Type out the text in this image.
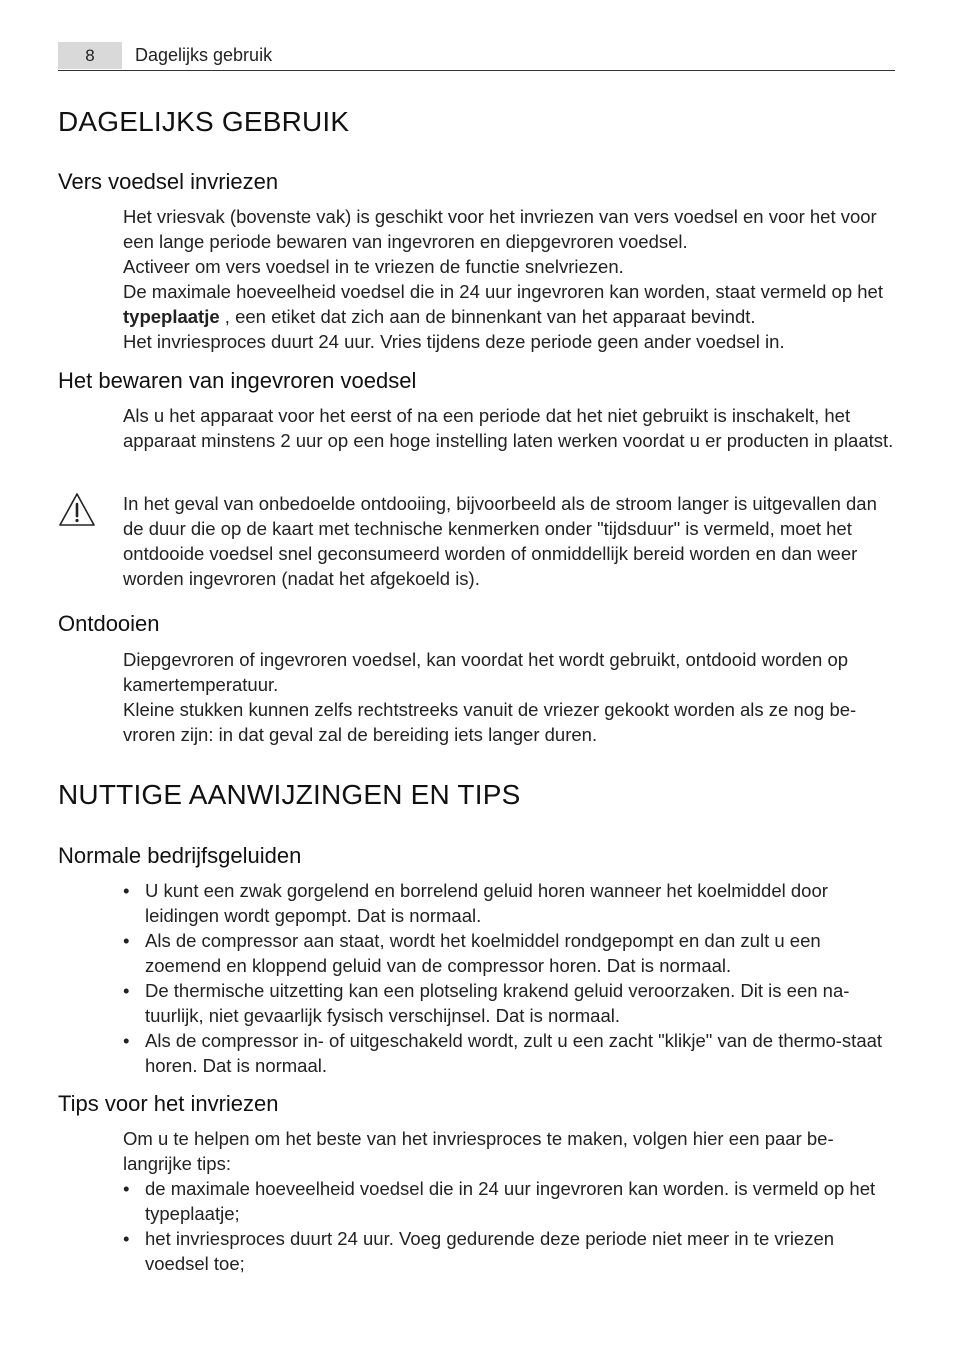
8	Dagelijks gebruik
DAGELIJKS GEBRUIK
Vers voedsel invriezen

Het vriesvak (bovenste vak) is geschikt voor het invriezen van vers voedsel en voor het voor een lange periode bewaren van ingevroren en diepgevroren voedsel.

Activeer om vers voedsel in te vriezen de functie snelvriezen.

De maximale hoeveelheid voedsel die in 24 uur ingevroren kan worden, staat vermeld op het typeplaatje , een etiket dat zich aan de binnenkant van het apparaat bevindt.

Het invriesproces duurt 24 uur. Vries tijdens deze periode geen ander voedsel in.

Het bewaren van ingevroren voedsel

Als u het apparaat voor het eerst of na een periode dat het niet gebruikt is inschakelt, het apparaat minstens 2 uur op een hoge instelling laten werken voordat u er producten in plaatst.

In het geval van onbedoelde ontdooiing, bijvoorbeeld als de stroom langer is uitgevallen dan de duur die op de kaart met technische kenmerken onder "tijdsduur" is vermeld, moet het ontdooide voedsel snel geconsumeerd worden of onmiddellijk bereid worden en dan weer worden ingevroren (nadat het afgekoeld is).

Ontdooien

Diepgevroren of ingevroren voedsel, kan voordat het wordt gebruikt, ontdooid worden op kamertemperatuur.

Kleine stukken kunnen zelfs rechtstreeks vanuit de vriezer gekookt worden als ze nog be-vroren zijn: in dat geval zal de bereiding iets langer duren.

NUTTIGE AANWIJZINGEN EN TIPS
Normale bedrijfsgeluiden
• U kunt een zwak gorgelend en borrelend geluid horen wanneer het koelmiddel door leidingen wordt gepompt. Dat is normaal.
• Als de compressor aan staat, wordt het koelmiddel rondgepompt en dan zult u een zoemend en kloppend geluid van de compressor horen. Dat is normaal.
• De thermische uitzetting kan een plotseling krakend geluid veroorzaken. Dit is een na-tuurlijk, niet gevaarlijk fysisch verschijnsel. Dat is normaal.
• Als de compressor in- of uitgeschakeld wordt, zult u een zacht "klikje" van de thermo-staat horen. Dat is normaal.
Tips voor het invriezen

Om u te helpen om het beste van het invriesproces te maken, volgen hier een paar be-langrijke tips:

• de maximale hoeveelheid voedsel die in 24 uur ingevroren kan worden. is vermeld op het typeplaatje;
• het invriesproces duurt 24 uur. Voeg gedurende deze periode niet meer in te vriezen voedsel toe;
